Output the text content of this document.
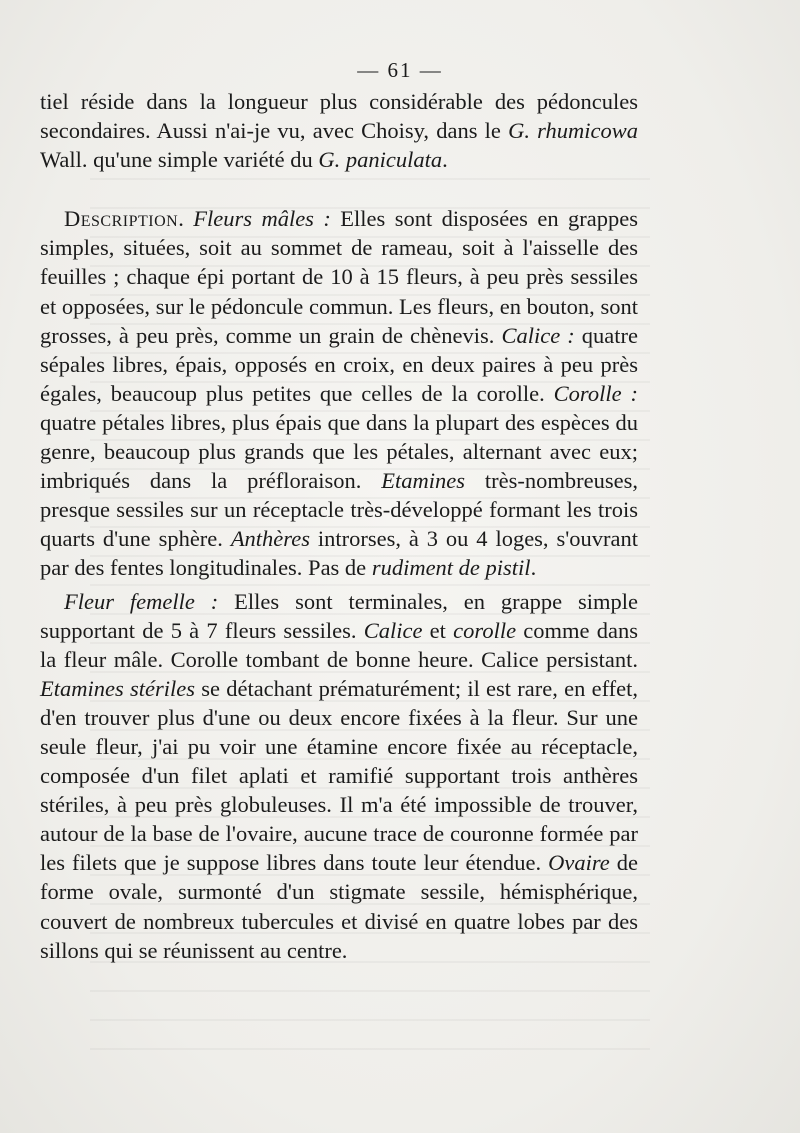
— 61 —

tiel réside dans la longueur plus considérable des pédoncules secondaires. Aussi n'ai-je vu, avec Choisy, dans le G. rhumicowa Wall. qu'une simple variété du G. paniculata.

Description. Fleurs mâles : Elles sont disposées en grappes simples, situées, soit au sommet de rameau, soit à l'aisselle des feuilles ; chaque épi portant de 10 à 15 fleurs, à peu près sessiles et opposées, sur le pédoncule commun. Les fleurs, en bouton, sont grosses, à peu près, comme un grain de chènevis. Calice : quatre sépales libres, épais, opposés en croix, en deux paires à peu près égales, beaucoup plus petites que celles de la corolle. Corolle : quatre pétales libres, plus épais que dans la plupart des espèces du genre, beaucoup plus grands que les pétales, alternant avec eux; imbriqués dans la préfloraison. Etamines très-nombreuses, presque sessiles sur un réceptacle très-développé formant les trois quarts d'une sphère. Anthères introrses, à 3 ou 4 loges, s'ouvrant par des fentes longitudinales. Pas de rudiment de pistil.

Fleur femelle : Elles sont terminales, en grappe simple supportant de 5 à 7 fleurs sessiles. Calice et corolle comme dans la fleur mâle. Corolle tombant de bonne heure. Calice persistant. Etamines stériles se détachant prématurément; il est rare, en effet, d'en trouver plus d'une ou deux encore fixées à la fleur. Sur une seule fleur, j'ai pu voir une étamine encore fixée au réceptacle, composée d'un filet aplati et ramifié supportant trois anthères stériles, à peu près globuleuses. Il m'a été impossible de trouver, autour de la base de l'ovaire, aucune trace de couronne formée par les filets que je suppose libres dans toute leur étendue. Ovaire de forme ovale, surmonté d'un stigmate sessile, hémisphérique, couvert de nombreux tubercules et divisé en quatre lobes par des sillons qui se réunissent au centre.
